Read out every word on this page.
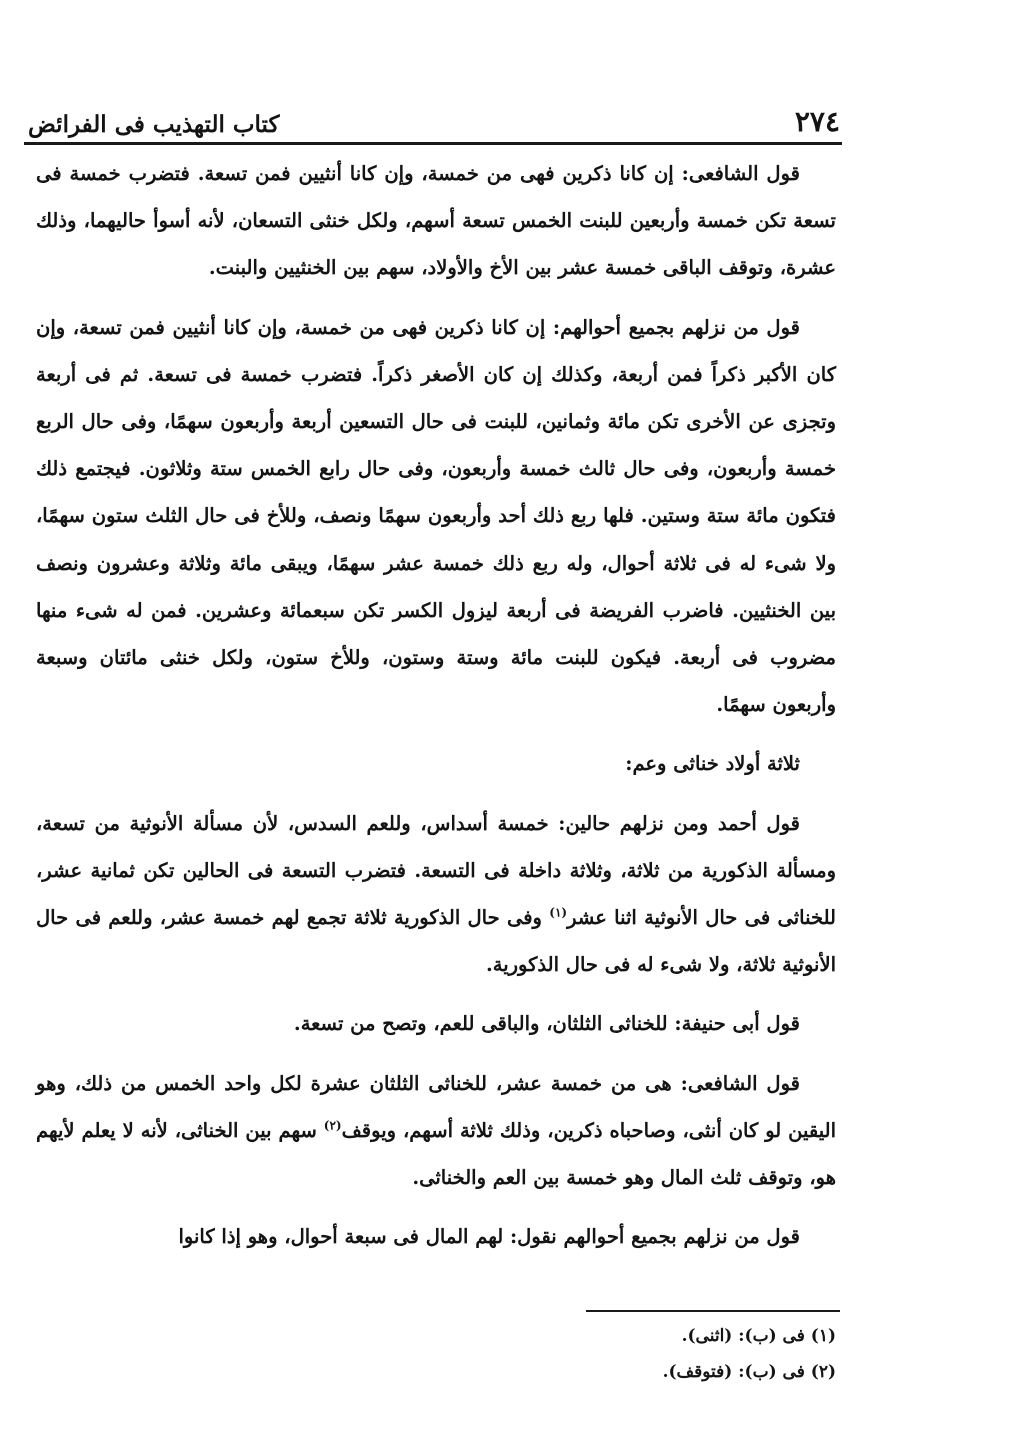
٢٧٤
كتاب التهذيب فى الفرائض

قول الشافعى: إن كانا ذكرين فهى من خمسة، وإن كانا أنثيين فمن تسعة. فتضرب خمسة فى تسعة تكن خمسة وأربعين للبنت الخمس تسعة أسهم، ولكل خنثى التسعان، لأنه أسوأ حاليهما، وذلك عشرة، وتوقف الباقى خمسة عشر بين الأخ والأولاد، سهم بين الخنثيين والبنت.

قول من نزلهم بجميع أحوالهم: إن كانا ذكرين فهى من خمسة، وإن كانا أنثيين فمن تسعة، وإن كان الأكبر ذكراً فمن أربعة، وكذلك إن كان الأصغر ذكراً. فتضرب خمسة فى تسعة. ثم فى أربعة وتجزى عن الأخرى تكن مائة وثمانين، للبنت فى حال التسعين أربعة وأربعون سهمًا، وفى حال الربع خمسة وأربعون، وفى حال ثالث خمسة وأربعون، وفى حال رابع الخمس ستة وثلاثون. فيجتمع ذلك فتكون مائة ستة وستين. فلها ربع ذلك أحد وأربعون سهمًا ونصف، وللأخ فى حال الثلث ستون سهمًا، ولا شىء له فى ثلاثة أحوال، وله ربع ذلك خمسة عشر سهمًا، ويبقى مائة وثلاثة وعشرون ونصف بين الخنثيين. فاضرب الفريضة فى أربعة ليزول الكسر تكن سبعمائة وعشرين. فمن له شىء منها مضروب فى أربعة. فيكون للبنت مائة وستة وستون، وللأخ ستون، ولكل خنثى مائتان وسبعة وأربعون سهمًا.

ثلاثة أولاد خناثى وعم:

قول أحمد ومن نزلهم حالين: خمسة أسداس، وللعم السدس، لأن مسألة الأنوثية من تسعة، ومسألة الذكورية من ثلاثة، وثلاثة داخلة فى التسعة. فتضرب التسعة فى الحالين تكن ثمانية عشر، للخناثى فى حال الأنوثية اثنا عشر$^{(١)}$ وفى حال الذكورية ثلاثة تجمع لهم خمسة عشر، وللعم فى حال الأنوثية ثلاثة، ولا شىء له فى حال الذكورية.

قول أبى حنيفة: للخناثى الثلثان، والباقى للعم، وتصح من تسعة.

قول الشافعى: هى من خمسة عشر، للخناثى الثلثان عشرة لكل واحد الخمس من ذلك، وهو اليقين لو كان أنثى، وصاحباه ذكرين، وذلك ثلاثة أسهم، ويوقف$^{(٢)}$ سهم بين الخناثى، لأنه لا يعلم لأيهم هو، وتوقف ثلث المال وهو خمسة بين العم والخناثى.

قول من نزلهم بجميع أحوالهم نقول: لهم المال فى سبعة أحوال، وهو إذا كانوا

(١) فى (ب): (اثنى).
(٢) فى (ب): (فتوقف).
